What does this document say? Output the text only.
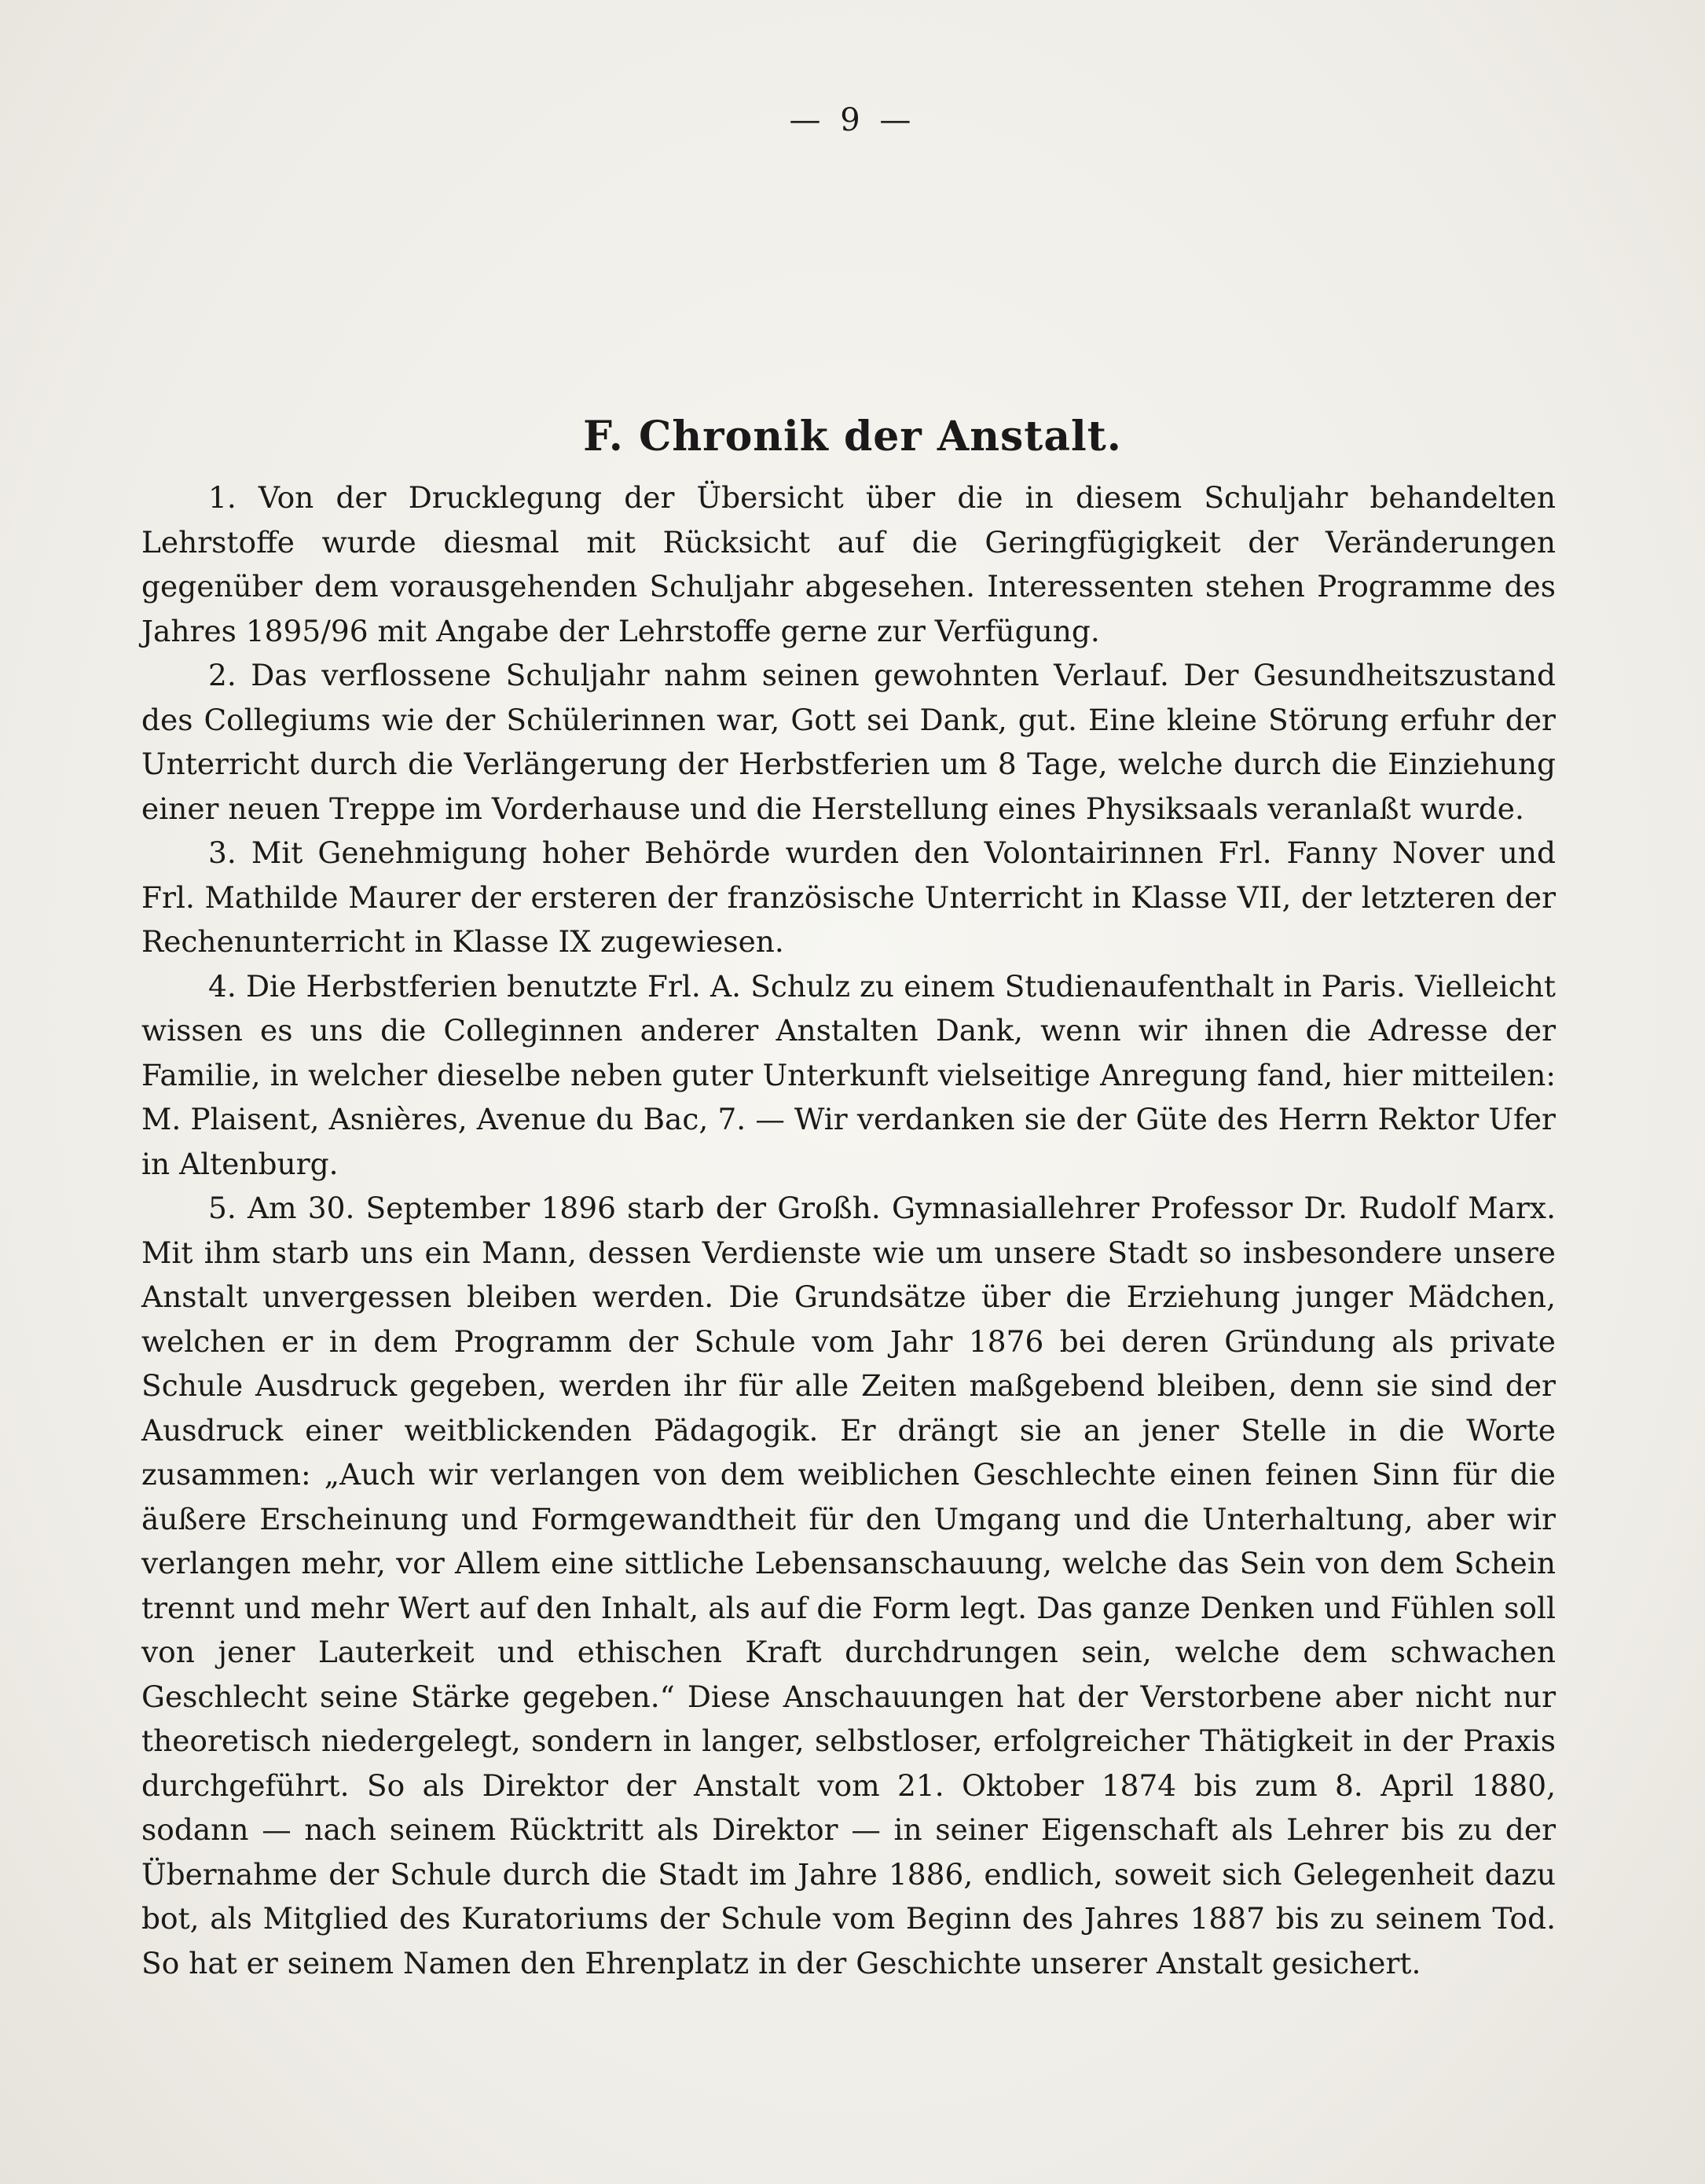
— 9 —
F. Chronik der Anstalt.

1. Von der Drucklegung der Übersicht über die in diesem Schuljahr behandelten Lehrstoffe wurde diesmal mit Rücksicht auf die Geringfügigkeit der Veränderungen gegenüber dem vorausgehenden Schuljahr abgesehen. Interessenten stehen Programme des Jahres 1895/96 mit Angabe der Lehrstoffe gerne zur Verfügung.

2. Das verflossene Schuljahr nahm seinen gewohnten Verlauf. Der Gesundheitszustand des Collegiums wie der Schülerinnen war, Gott sei Dank, gut. Eine kleine Störung erfuhr der Unterricht durch die Verlängerung der Herbstferien um 8 Tage, welche durch die Einziehung einer neuen Treppe im Vorderhause und die Herstellung eines Physiksaals veranlaßt wurde.

3. Mit Genehmigung hoher Behörde wurden den Volontairinnen Frl. Fanny Nover und Frl. Mathilde Maurer der ersteren der französische Unterricht in Klasse VII, der letzteren der Rechenunterricht in Klasse IX zugewiesen.

4. Die Herbstferien benutzte Frl. A. Schulz zu einem Studienaufenthalt in Paris. Vielleicht wissen es uns die Colleginnen anderer Anstalten Dank, wenn wir ihnen die Adresse der Familie, in welcher dieselbe neben guter Unterkunft vielseitige Anregung fand, hier mitteilen: M. Plaisent, Asnières, Avenue du Bac, 7. — Wir verdanken sie der Güte des Herrn Rektor Ufer in Altenburg.

5. Am 30. September 1896 starb der Großh. Gymnasiallehrer Professor Dr. Rudolf Marx. Mit ihm starb uns ein Mann, dessen Verdienste wie um unsere Stadt so insbesondere unsere Anstalt unvergessen bleiben werden. Die Grundsätze über die Erziehung junger Mädchen, welchen er in dem Programm der Schule vom Jahr 1876 bei deren Gründung als private Schule Ausdruck gegeben, werden ihr für alle Zeiten maßgebend bleiben, denn sie sind der Ausdruck einer weitblickenden Pädagogik. Er drängt sie an jener Stelle in die Worte zusammen: „Auch wir verlangen von dem weiblichen Geschlechte einen feinen Sinn für die äußere Erscheinung und Formgewandtheit für den Umgang und die Unterhaltung, aber wir verlangen mehr, vor Allem eine sittliche Lebensanschauung, welche das Sein von dem Schein trennt und mehr Wert auf den Inhalt, als auf die Form legt. Das ganze Denken und Fühlen soll von jener Lauterkeit und ethischen Kraft durchdrungen sein, welche dem schwachen Geschlecht seine Stärke gegeben.“ Diese Anschauungen hat der Verstorbene aber nicht nur theoretisch niedergelegt, sondern in langer, selbstloser, erfolgreicher Thätigkeit in der Praxis durchgeführt. So als Direktor der Anstalt vom 21. Oktober 1874 bis zum 8. April 1880, sodann — nach seinem Rücktritt als Direktor — in seiner Eigenschaft als Lehrer bis zu der Übernahme der Schule durch die Stadt im Jahre 1886, endlich, soweit sich Gelegenheit dazu bot, als Mitglied des Kuratoriums der Schule vom Beginn des Jahres 1887 bis zu seinem Tod. So hat er seinem Namen den Ehrenplatz in der Geschichte unserer Anstalt gesichert.
